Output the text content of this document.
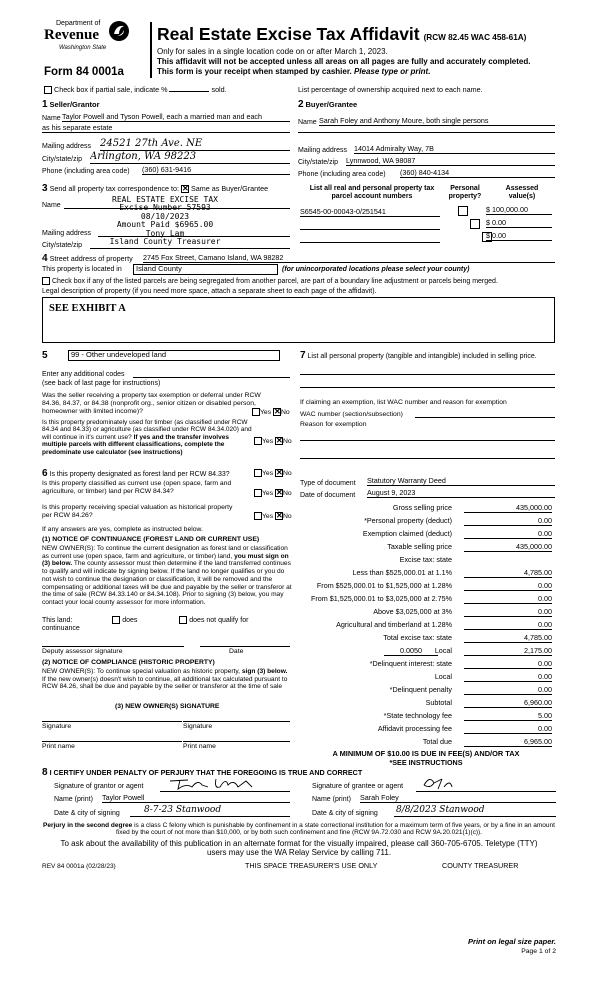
Department of
Revenue
Washington State
Form 84 0001a
Real Estate Excise Tax Affidavit (RCW 82.45 WAC 458-61A)
Only for sales in a single location code on or after March 1, 2023.
This affidavit will not be accepted unless all areas on all pages are fully and accurately completed.
This form is your receipt when stamped by cashier. Please type or print.
Check box if partial sale, indicate %	sold.	List percentage of ownership acquired next to each name.
1 Seller/Grantor
Name Taylor Powell and Tyson Powell, each a married man and each
as his separate estate
Mailing address 24521 27th Ave. NE
City/state/zip Arlington, WA 98223
Phone (including area code) (360) 631-9416
2 Buyer/Grantee
Name Sarah Foley and Anthony Moure, both single persons
Mailing address 14014 Admiralty Way, 7B
City/state/zip Lynnwood, WA 98087
Phone (including area code) (360) 840-4134
3 Send all property tax correspondence to: ✕ Same as Buyer/Grantee
Name
Mailing address
City/state/zip
REAL ESTATE EXCISE TAX
Excise Number 57593
08/10/2023
Amount Paid $6965.00
Tony Lam
Island County Treasurer
List all real and personal property tax parcel account numbers
Personal property?
Assessed value(s)
S6545-00-00043-0/251541
	$ 100,000.00

$ 0.00
$ 0.00
4 Street address of property 2745 Fox Street, Camano Island, WA 98282
This property is located in	Island County	(for unincorporated locations please select your county)
Check box if any of the listed parcels are being segregated from another parcel, are part of a boundary line adjustment or parcels being merged.
Legal description of property (if you need more space, attach a separate sheet to each page of the affidavit).
SEE EXHIBIT A
5	99 - Other undeveloped land
Enter any additional codes
(see back of last page for instructions)
Was the seller receiving a property tax exemption or deferral under RCW 84.36, 84.37, or 84.38 (nonprofit org., senior citizen or disabled person, homeowner with limited income)?	Yes ✕ No
Is this property predominately used for timber (as classified under RCW 84.34 and 84.33) or agriculture (as classified under RCW 84.34.020) and will continue in it's current use? If yes and the transfer involves multiple parcels with different classifications, complete the predominate use calculator (see instructions)
Yes ✕ No
6 Is this property designated as forest land per RCW 84.33?	Yes ✕ No
Is this property classified as current use (open space, farm and agriculture, or timber) land per RCW 84.34?	Yes ✕ No
Is this property receiving special valuation as historical property per RCW 84.26?	Yes ✕ No
If any answers are yes, complete as instructed below.
(1) NOTICE OF CONTINUANCE (FOREST LAND OR CURRENT USE)
NEW OWNER(S): To continue the current designation as forest land or classification as current use (open space, farm and agriculture, or timber) land, you must sign on (3) below. The county assessor must then determine if the land transferred continues to qualify and will indicate by signing below. If the land no longer qualifies or you do not wish to continue the designation or classification, it will be removed and the compensating or additional taxes will be due and payable by the seller or transferor at the time of sale (RCW 84.33.140 or 84.34.108). Prior to signing (3) below, you may contact your local county assessor for more information.
This land:	does	does not qualify for
continuance
Deputy assessor signature	Date
(2) NOTICE OF COMPLIANCE (HISTORIC PROPERTY)
NEW OWNER(S): To continue special valuation as historic property, sign (3) below. If the new owner(s) doesn't wish to continue, all additional tax calculated pursuant to RCW 84.26, shall be due and payable by the seller or transferor at the time of sale
(3) NEW OWNER(S) SIGNATURE
Signature	Signature
Print name	Print name
7 List all personal property (tangible and intangible) included in selling price.
If claiming an exemption, list WAC number and reason for exemption
WAC number (section/subsection)
Reason for exemption
Type of document Statutory Warranty Deed
Date of document August 9, 2023
Gross selling price	435,000.00
*Personal property (deduct)	0.00
Exemption claimed (deduct)	0.00
Taxable selling price	435,000.00
Excise tax: state
Less than $525,000.01 at 1.1%	4,785.00
From $525,000.01 to $1,525,000 at 1.28%	0.00
From $1,525,000.01 to $3,025,000 at 2.75%	0.00
Above $3,025,000 at 3%	0.00
Agricultural and timberland at 1.28%	0.00
Total excise tax: state	4,785.00
Local	2,175.00
0.0050
*Delinquent interest: state	0.00
Local	0.00
*Delinquent penalty	0.00
Subtotal	6,960.00
*State technology fee	5.00
Affidavit processing fee	0.00
Total due	6,965.00
A MINIMUM OF $10.00 IS DUE IN FEE(S) AND/OR TAX
*SEE INSTRUCTIONS
8 I CERTIFY UNDER PENALTY OF PERJURY THAT THE FOREGOING IS TRUE AND CORRECT
Signature of grantor or agent
Name (print) Taylor Powell
Date & city of signing	8-7-23 Stanwood
Signature of grantee or agent
Name (print) Sarah Foley
Date & city of signing 8/8/2023 Stanwood
Perjury in the second degree is a class C felony which is punishable by confinement in a state correctional institution for a maximum term of five years, or by a fine in an amount fixed by the court of not more than $10,000, or by both such confinement and fine (RCW 9A.72.030 and RCW 9A.20.021(1)(c)).
To ask about the availability of this publication in an alternate format for the visually impaired, please call 360-705-6705. Teletype (TTY) users may use the WA Relay Service by calling 711.
REV 84 0001a (02/28/23)	THIS SPACE TREASURER'S USE ONLY	COUNTY TREASURER
Print on legal size paper.
Page 1 of 2
